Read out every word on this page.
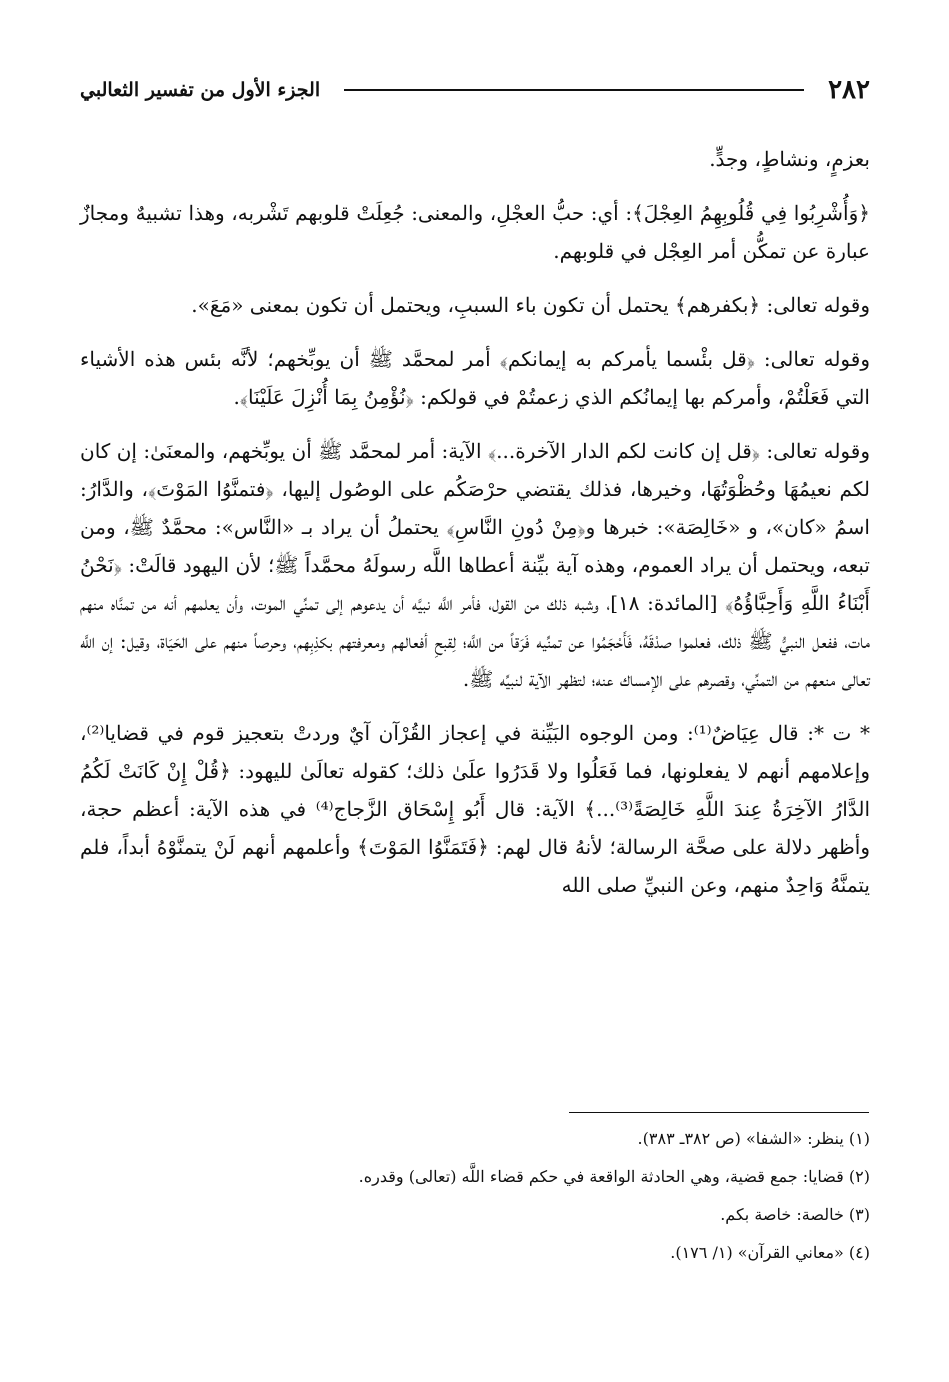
٢٨٢
الجزء الأول من تفسير الثعالبي

بعزمٍ، ونشاطٍ، وجدٍّ.

﴿وَأُشْرِبُوا فِي قُلُوبِهِمُ العِجْلَ﴾: أي: حبُّ العجْلِ، والمعنى: جُعِلَتْ قلوبهم تَشْربه، وهذا تشبيهٌ ومجازٌ عبارة عن تمكُّن أمر العِجْل في قلوبهم.

وقوله تعالى: ﴿بكفرهم﴾ يحتمل أن تكون باء السببِ، ويحتمل أن تكون بمعنى «مَعَ».

وقوله تعالى: ﴿قل بئْسما يأمركم به إيمانكم﴾ أمر لمحمَّد ﷺ أن يوبِّخهم؛ لأنَّه بئس هذه الأشياء التي فَعَلْتُمْ، وأمركم بها إيمانُكم الذي زعمتُمْ في قولكم: ﴿نُؤْمِنُ بِمَا أُنْزِلَ عَلَيْنَا﴾.

وقوله تعالى: ﴿قل إن كانت لكم الدار الآخرة...﴾ الآية: أمر لمحمَّد ﷺ أن يوبِّخهم، والمعنَىٰ: إن كان لكم نعيمُهَا وحُظْوَتُهَا، وخيرها، فذلك يقتضي حرْصَكُم على الوصُول إليها، ﴿فتمنَّوُا المَوْتَ﴾، والدَّارُ: اسمُ «كان»، و «خَالِصَة»: خبرها و﴿مِنْ دُونِ النَّاسِ﴾ يحتملُ أن يراد بـ «النَّاس»: محمَّدٌ ﷺ، ومن تبعه، ويحتمل أن يراد العموم، وهذه آية بيِّنة أعطاها اللَّه رسولَهُ محمَّداً ﷺ؛ لأن اليهود قالَتْ: ﴿نَحْنُ أَبْنَاءُ اللَّهِ وَأَحِبَّاؤُهُ﴾ [المائدة: ١٨]، وشبه ذلك من القول، فأمر اللَّه نبيَّه أن يدعوهم إلى تمنِّي الموت، وأن يعلمهم أنه من تمنَّاه منهم مات، ففعل النبيُّ ﷺ ذلك، فعلموا صدْقَهُ، فَأَحْجَمُوا عن تمنِّيه فَرَقاً من اللَّه؛ لِقبحِ أفعالهم ومعرفتهم بكذِبِهم، وحرصاً منهم على الحَيَاة، وقيل: إن اللَّه تعالى منعهم من التمنِّي، وقصرهم على الإمساك عنه؛ لتظهر الآية لنبيِّه ﷺ.

* ت *: قال عِيَاضٌ⁽¹⁾: ومن الوجوه البَيِّنة في إعجاز القُرْآن آيٌ وردتْ بتعجيز قوم في قضايا⁽²⁾، وإعلامهم أنهم لا يفعلونها، فما فَعَلُوا ولا قَدَرُوا علَىٰ ذلك؛ كقوله تعالَىٰ لليهود: ﴿قُلْ إِنْ كَانَتْ لَكُمُ الدَّارُ الآخِرَةُ عِندَ اللَّهِ خَالِصَةً⁽³⁾...﴾ الآية: قال أَبُو إِسْحَاق الزَّجاج⁽⁴⁾ في هذه الآية: أعظم حجة، وأظهر دلالة على صحَّة الرسالة؛ لأنهُ قال لهم: ﴿فَتَمَنَّوُا المَوْتَ﴾ وأعلمهم أنهم لَنْ يتمنَّوْهُ أبداً، فلم يتمنَّهُ وَاحِدٌ منهم، وعن النبيِّ صلى الله

(١) ينظر: «الشفا» (ص ٣٨٢ـ ٣٨٣).

(٢) قضايا: جمع قضية، وهي الحادثة الواقعة في حكم قضاء اللَّه (تعالى) وقدره.

(٣) خالصة: خاصة بكم.

(٤) «معاني القرآن» (١/ ١٧٦).
